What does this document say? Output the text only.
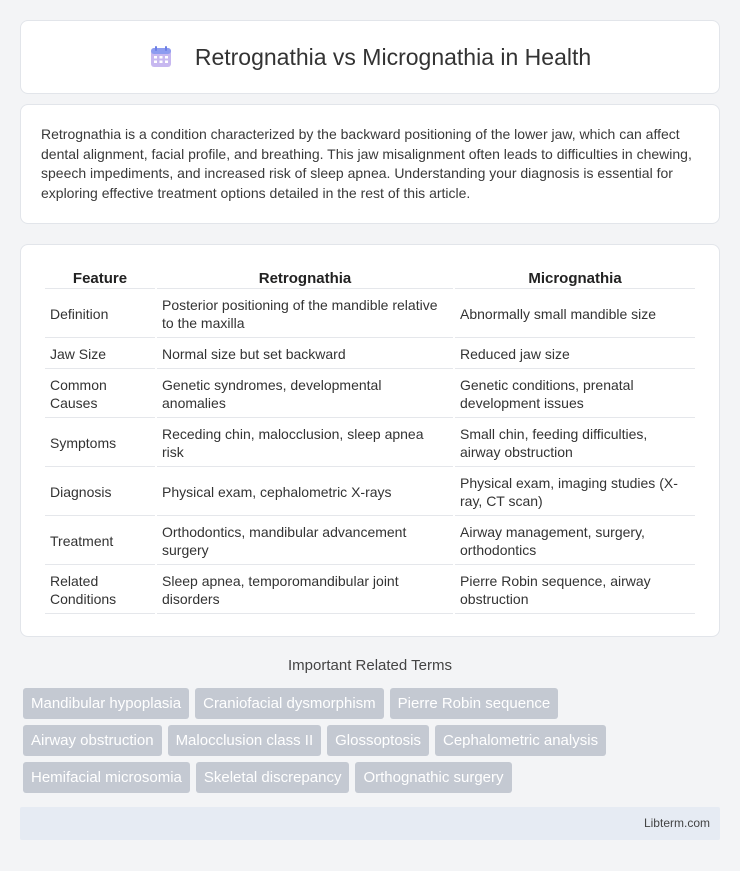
Retrognathia vs Micrognathia in Health

Retrognathia is a condition characterized by the backward positioning of the lower jaw, which can affect dental alignment, facial profile, and breathing. This jaw misalignment often leads to difficulties in chewing, speech impediments, and increased risk of sleep apnea. Understanding your diagnosis is essential for exploring effective treatment options detailed in the rest of this article.

Feature	Retrognathia	Micrognathia
Definition	Posterior positioning of the mandible relative to the maxilla	Abnormally small mandible size
Jaw Size	Normal size but set backward	Reduced jaw size
Common Causes	Genetic syndromes, developmental anomalies	Genetic conditions, prenatal development issues
Symptoms	Receding chin, malocclusion, sleep apnea risk	Small chin, feeding difficulties, airway obstruction
Diagnosis	Physical exam, cephalometric X-rays	Physical exam, imaging studies (X-ray, CT scan)
Treatment	Orthodontics, mandibular advancement surgery	Airway management, surgery, orthodontics
Related Conditions	Sleep apnea, temporomandibular joint disorders	Pierre Robin sequence, airway obstruction
Important Related Terms
Mandibular hypoplasia	Craniofacial dysmorphism	Pierre Robin sequence
Airway obstruction	Malocclusion class II	Glossoptosis	Cephalometric analysis
Hemifacial microsomia	Skeletal discrepancy	Orthognathic surgery
Libterm.com
